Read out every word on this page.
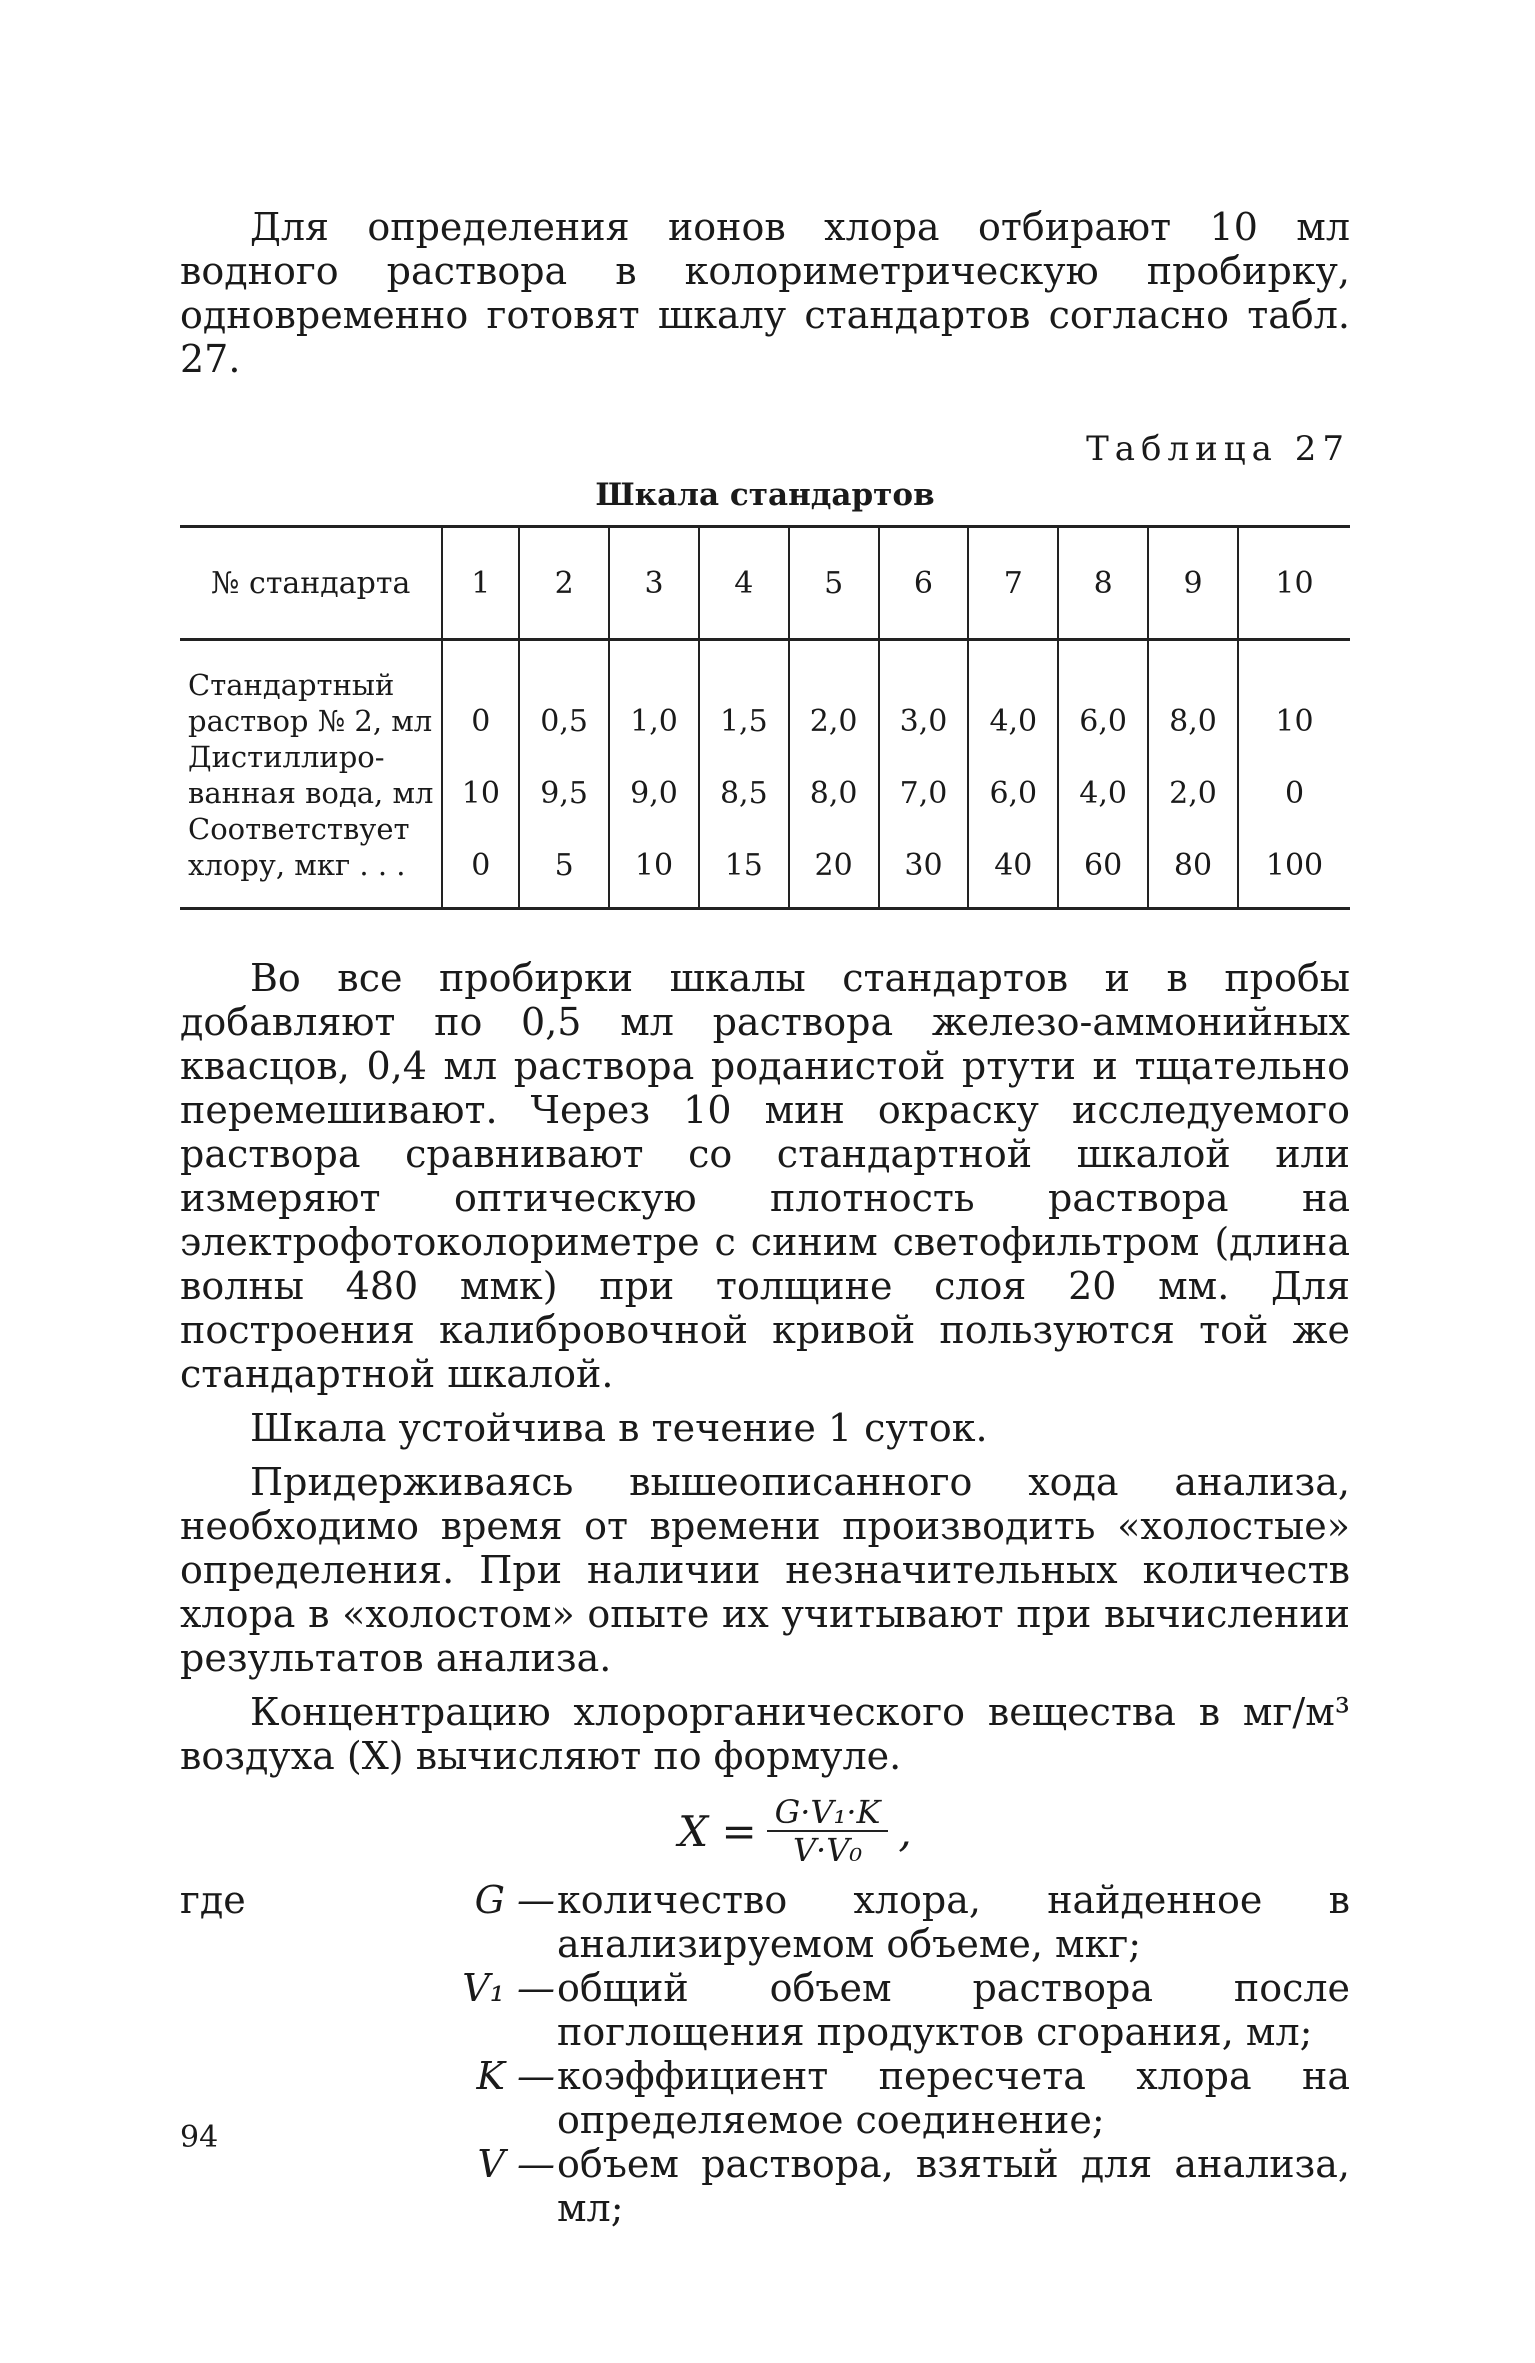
Для определения ионов хлора отбирают 10 мл водного раствора в колориметрическую пробирку, одновременно готовят шкалу стандартов согласно табл. 27.

Таблица 27
Шкала стандартов
№ стандарта	1	2	3	4	5	6	7	8	9	10
Стандартный
раствор № 2, мл	0	0,5	1,0	1,5	2,0	3,0	4,0	6,0	8,0	10
Дистиллиро-
ванная вода, мл	10	9,5	9,0	8,5	8,0	7,0	6,0	4,0	2,0	0
Соответствует
хлору, мкг . . .	0	5	10	15	20	30	40	60	80	100

Во все пробирки шкалы стандартов и в пробы добавляют по 0,5 мл раствора железо-аммонийных квасцов, 0,4 мл раствора роданистой ртути и тщательно перемешивают. Через 10 мин окраску исследуемого раствора сравнивают со стандартной шкалой или измеряют оптическую плотность раствора на электрофотоколориметре с синим светофильтром (длина волны 480 ммк) при толщине слоя 20 мм. Для построения калибровочной кривой пользуются той же стандартной шкалой.

Шкала устойчива в течение 1 суток.

Придерживаясь вышеописанного хода анализа, необходимо время от времени производить «холостые» определения. При наличии незначительных количеств хлора в «холостом» опыте их учитывают при вычислении результатов анализа.

Концентрацию хлорорганического вещества в мг/м³ воздуха (X) вычисляют по формуле.

$X = \frac{\text{G·V₁·K}}{\text{V·V₀}}$ ,
где	G — количество хлора, найденное в анализируемом объеме, мкг;
V₁ — общий объем раствора после поглощения продуктов сгорания, мл;
K — коэффициент пересчета хлора на определяемое соединение;
V — объем раствора, взятый для анализа, мл;
94
